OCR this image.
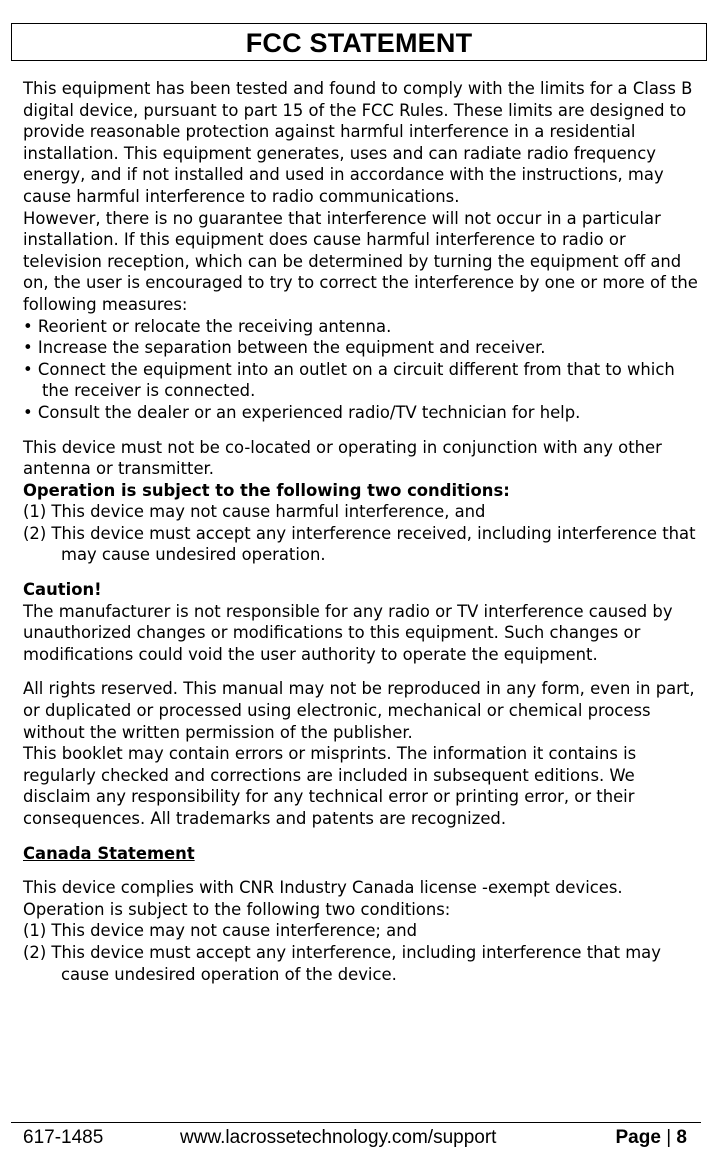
FCC STATEMENT

This equipment has been tested and found to comply with the limits for a Class B digital device, pursuant to part 15 of the FCC Rules. These limits are designed to provide reasonable protection against harmful interference in a residential installation. This equipment generates, uses and can radiate radio frequency energy, and if not installed and used in accordance with the instructions, may cause harmful interference to radio communications.

However, there is no guarantee that interference will not occur in a particular installation. If this equipment does cause harmful interference to radio or television reception, which can be determined by turning the equipment off and on, the user is encouraged to try to correct the interference by one or more of the following measures:

• Reorient or relocate the receiving antenna.

• Increase the separation between the equipment and receiver.

• Connect the equipment into an outlet on a circuit different from that to which the receiver is connected.

• Consult the dealer or an experienced radio/TV technician for help.

This device must not be co-located or operating in conjunction with any other antenna or transmitter.

Operation is subject to the following two conditions:

(1) This device may not cause harmful interference, and

(2) This device must accept any interference received, including interference that may cause undesired operation.

Caution!

The manufacturer is not responsible for any radio or TV interference caused by unauthorized changes or modifications to this equipment. Such changes or modifications could void the user authority to operate the equipment.

All rights reserved. This manual may not be reproduced in any form, even in part, or duplicated or processed using electronic, mechanical or chemical process without the written permission of the publisher.

This booklet may contain errors or misprints. The information it contains is regularly checked and corrections are included in subsequent editions. We disclaim any responsibility for any technical error or printing error, or their consequences. All trademarks and patents are recognized.

Canada Statement

This device complies with CNR Industry Canada license -exempt devices.

Operation is subject to the following two conditions:

(1) This device may not cause interference; and

(2) This device must accept any interference, including interference that may cause undesired operation of the device.

617-1485	www.lacrossetechnology.com/support	Page | 8
